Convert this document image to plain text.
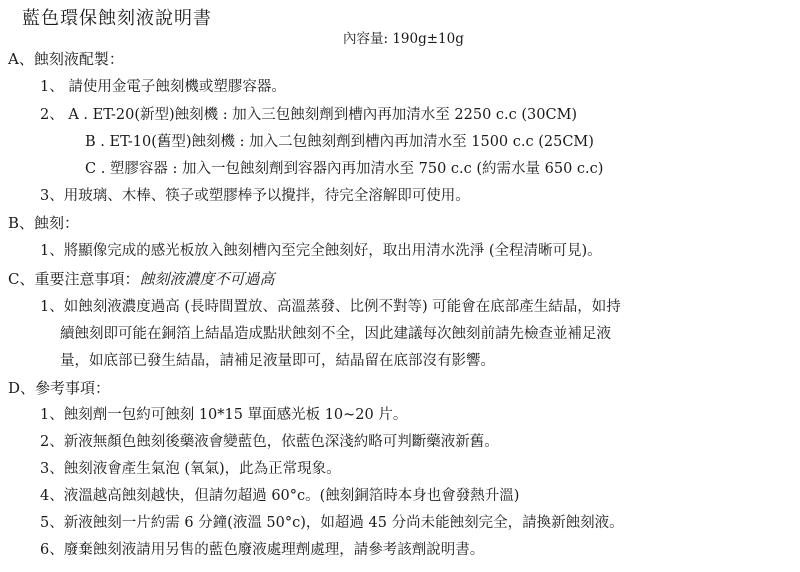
藍色環保蝕刻液說明書
內容量: 190g±10g
A、蝕刻液配製：
1、 請使用金電子蝕刻機或塑膠容器。
2、 A . ET-20(新型)蝕刻機 : 加入三包蝕刻劑到槽內再加清水至 2250 c.c (30CM)
B . ET-10(舊型)蝕刻機 : 加入二包蝕刻劑到槽內再加清水至 1500 c.c (25CM)
C . 塑膠容器 : 加入一包蝕刻劑到容器內再加清水至 750 c.c (約需水量 650 c.c)
3、用玻璃、木棒、筷子或塑膠棒予以攪拌，待完全溶解即可使用。
B、蝕刻：
1、將顯像完成的感光板放入蝕刻槽內至完全蝕刻好，取出用清水洗淨 (全程清晰可見)。
C、重要注意事項：蝕刻液濃度不可過高
1、如蝕刻液濃度過高 (長時間置放、高溫蒸發、比例不對等) 可能會在底部產生結晶，如持
續蝕刻即可能在銅箔上結晶造成點狀蝕刻不全，因此建議每次蝕刻前請先檢查並補足液
量，如底部已發生結晶，請補足液量即可，結晶留在底部沒有影響。
D、參考事項：
1、蝕刻劑一包約可蝕刻 10*15 單面感光板 10~20 片。
2、新液無顏色蝕刻後藥液會變藍色，依藍色深淺約略可判斷藥液新舊。
3、蝕刻液會產生氣泡 (氧氣)，此為正常現象。
4、液溫越高蝕刻越快，但請勿超過 60°c。(蝕刻銅箔時本身也會發熱升溫)
5、新液蝕刻一片約需 6 分鐘(液溫 50°c)，如超過 45 分尚未能蝕刻完全，請換新蝕刻液。
6、廢棄蝕刻液請用另售的藍色廢液處理劑處理，請參考該劑說明書。
